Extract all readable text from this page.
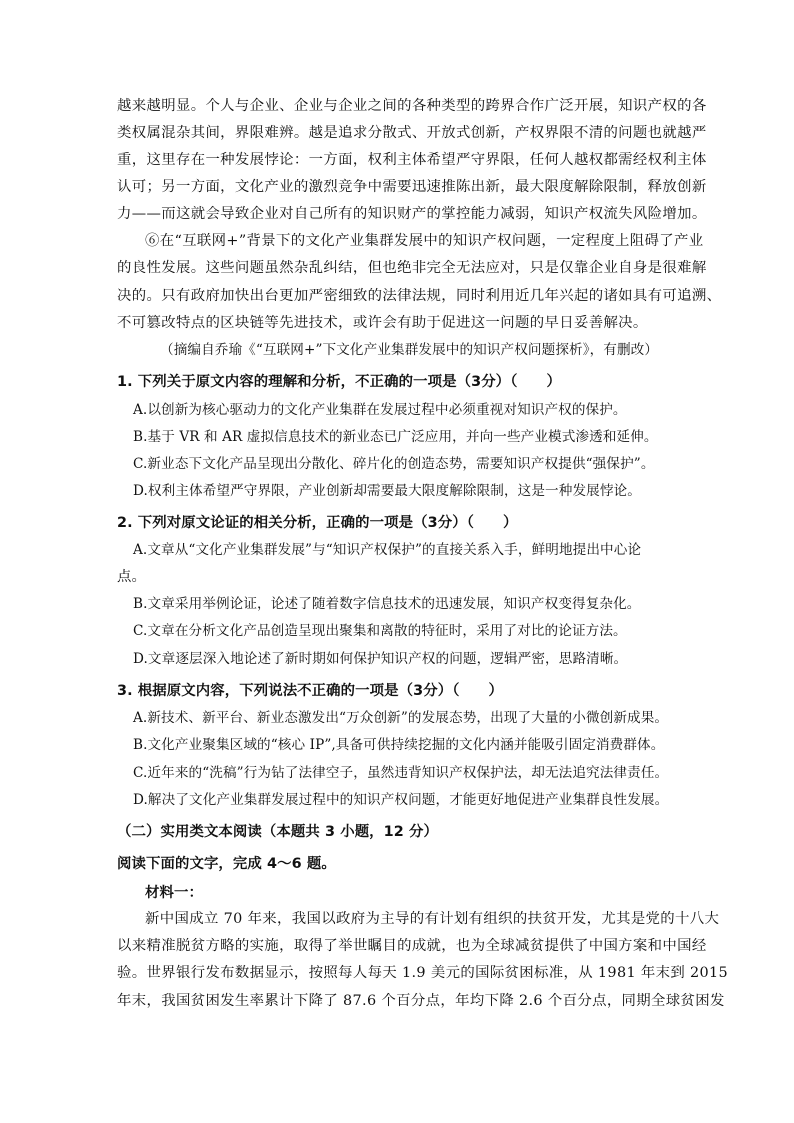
越来越明显。个人与企业、企业与企业之间的各种类型的跨界合作广泛开展，知识产权的各
类权属混杂其间，界限难辨。越是追求分散式、开放式创新，产权界限不清的问题也就越严
重，这里存在一种发展悖论：一方面，权利主体希望严守界限，任何人越权都需经权利主体
认可；另一方面，文化产业的激烈竞争中需要迅速推陈出新，最大限度解除限制，释放创新
力——而这就会导致企业对自己所有的知识财产的掌控能力减弱，知识产权流失风险增加。
⑥在“互联网+”背景下的文化产业集群发展中的知识产权问题，一定程度上阻碍了产业
的良性发展。这些问题虽然杂乱纠结，但也绝非完全无法应对，只是仅靠企业自身是很难解
决的。只有政府加快出台更加严密细致的法律法规，同时利用近几年兴起的诸如具有可追溯、
不可篡改特点的区块链等先进技术，或许会有助于促进这一问题的早日妥善解决。
（摘编自乔瑜《“互联网+”下文化产业集群发展中的知识产权问题探析》，有删改）
1. 下列关于原文内容的理解和分析，不正确的一项是（3分）（　　）
A.以创新为核心驱动力的文化产业集群在发展过程中必须重视对知识产权的保护。
B.基于 VR 和 AR 虚拟信息技术的新业态已广泛应用，并向一些产业模式渗透和延伸。
C.新业态下文化产品呈现出分散化、碎片化的创造态势，需要知识产权提供“强保护”。
D.权利主体希望严守界限，产业创新却需要最大限度解除限制，这是一种发展悖论。
2. 下列对原文论证的相关分析，正确的一项是（3分）（　　）
A.文章从“文化产业集群发展”与“知识产权保护”的直接关系入手，鲜明地提出中心论
点。
B.文章采用举例论证，论述了随着数字信息技术的迅速发展，知识产权变得复杂化。
C.文章在分析文化产品创造呈现出聚集和离散的特征时，采用了对比的论证方法。
D.文章逐层深入地论述了新时期如何保护知识产权的问题，逻辑严密，思路清晰。
3. 根据原文内容，下列说法不正确的一项是（3分）（　　）
A.新技术、新平台、新业态激发出“万众创新”的发展态势，出现了大量的小微创新成果。
B.文化产业聚集区域的“核心 IP”,具备可供持续挖掘的文化内涵并能吸引固定消费群体。
C.近年来的“洗稿”行为钻了法律空子，虽然违背知识产权保护法，却无法追究法律责任。
D.解决了文化产业集群发展过程中的知识产权问题，才能更好地促进产业集群良性发展。
（二）实用类文本阅读（本题共 3 小题，12 分）
阅读下面的文字，完成 4～6 题。
材料一：
新中国成立 70 年来，我国以政府为主导的有计划有组织的扶贫开发，尤其是党的十八大
以来精准脱贫方略的实施，取得了举世瞩目的成就，也为全球减贫提供了中国方案和中国经
验。世界银行发布数据显示，按照每人每天 1.9 美元的国际贫困标准，从 1981 年末到 2015
年末，我国贫困发生率累计下降了 87.6 个百分点，年均下降 2.6 个百分点，同期全球贫困发
